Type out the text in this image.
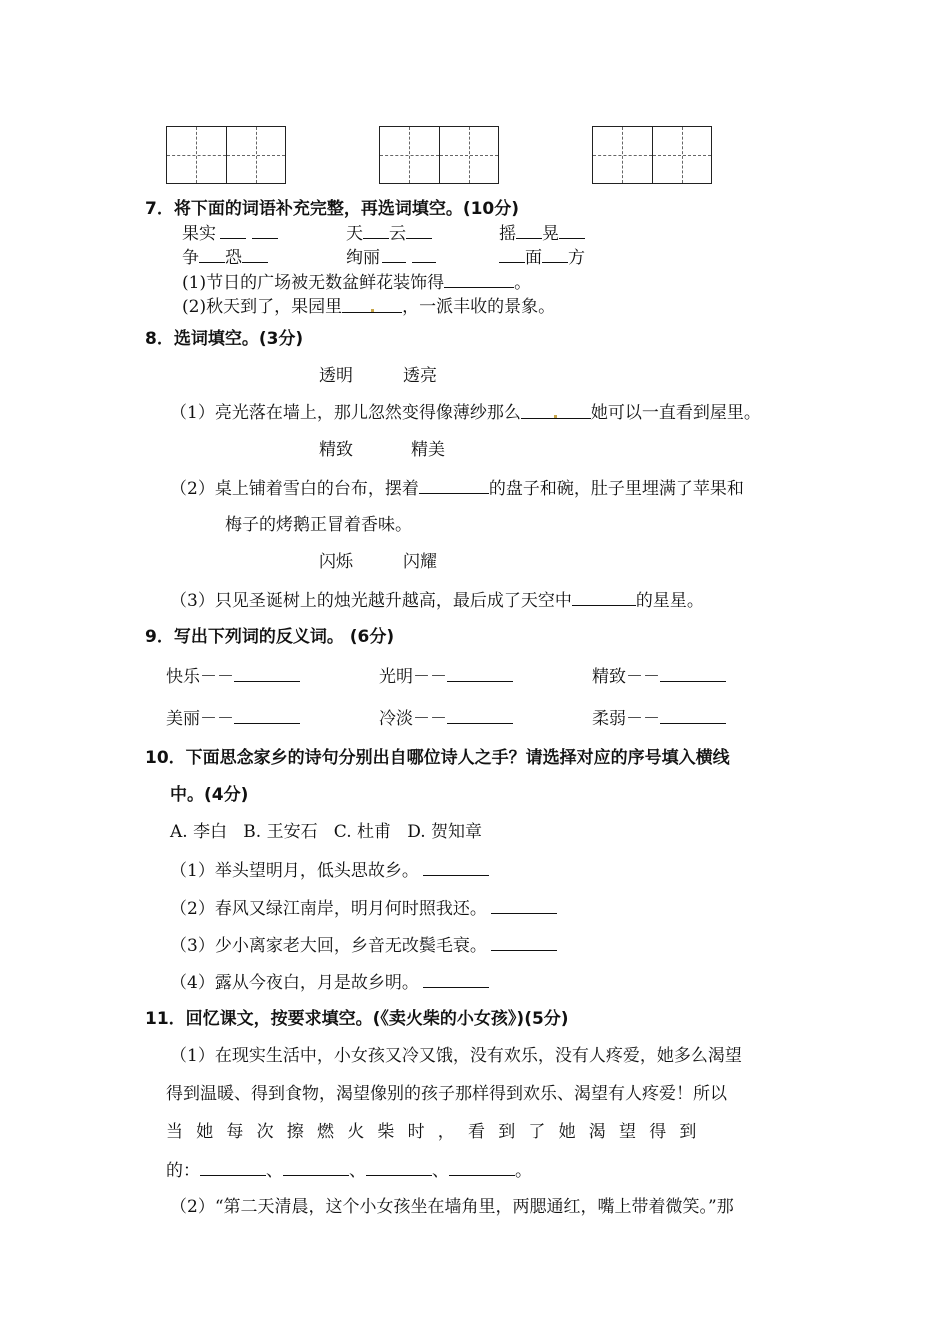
7．将下面的词语补充完整，再选词填空。(10分)
果实	天 云	摇 晃
争 恐	绚丽	面 方
(1)节日的广场被无数盆鲜花装饰得	。
(2)秋天到了，果园里	，一派丰收的景象。
8．选词填空。(3分)
透明	透亮
（1）亮光落在墙上，那儿忽然变得像薄纱那么	她可以一直看到屋里。
精致	精美
（2）桌上铺着雪白的台布，摆着	的盘子和碗，肚子里埋满了苹果和
梅子的烤鹅正冒着香味。
闪烁	闪耀
（3）只见圣诞树上的烛光越升越高，最后成了天空中	的星星。
9．写出下列词的反义词。 (6分)
快乐－－	光明－－	精致－－
美丽－－	冷淡－－	柔弱－－
10．下面思念家乡的诗句分别出自哪位诗人之手？请选择对应的序号填入横线
中。(4分)
A. 李白   B. 王安石   C. 杜甫   D. 贺知章
（1）举头望明月，低头思故乡。
（2）春风又绿江南岸，明月何时照我还。
（3）少小离家老大回，乡音无改鬓毛衰。
（4）露从今夜白，月是故乡明。
11．回忆课文，按要求填空。(《卖火柴的小女孩》)(5分)
（1）在现实生活中，小女孩又冷又饿，没有欢乐，没有人疼爱，她多么渴望
得到温暖、得到食物，渴望像别的孩子那样得到欢乐、渴望有人疼爱！所以
当她每次擦燃火柴时，看到了她渴望得到
的：	、	、	、	。
（2）“第二天清晨，这个小女孩坐在墙角里，两腮通红，嘴上带着微笑。”那
